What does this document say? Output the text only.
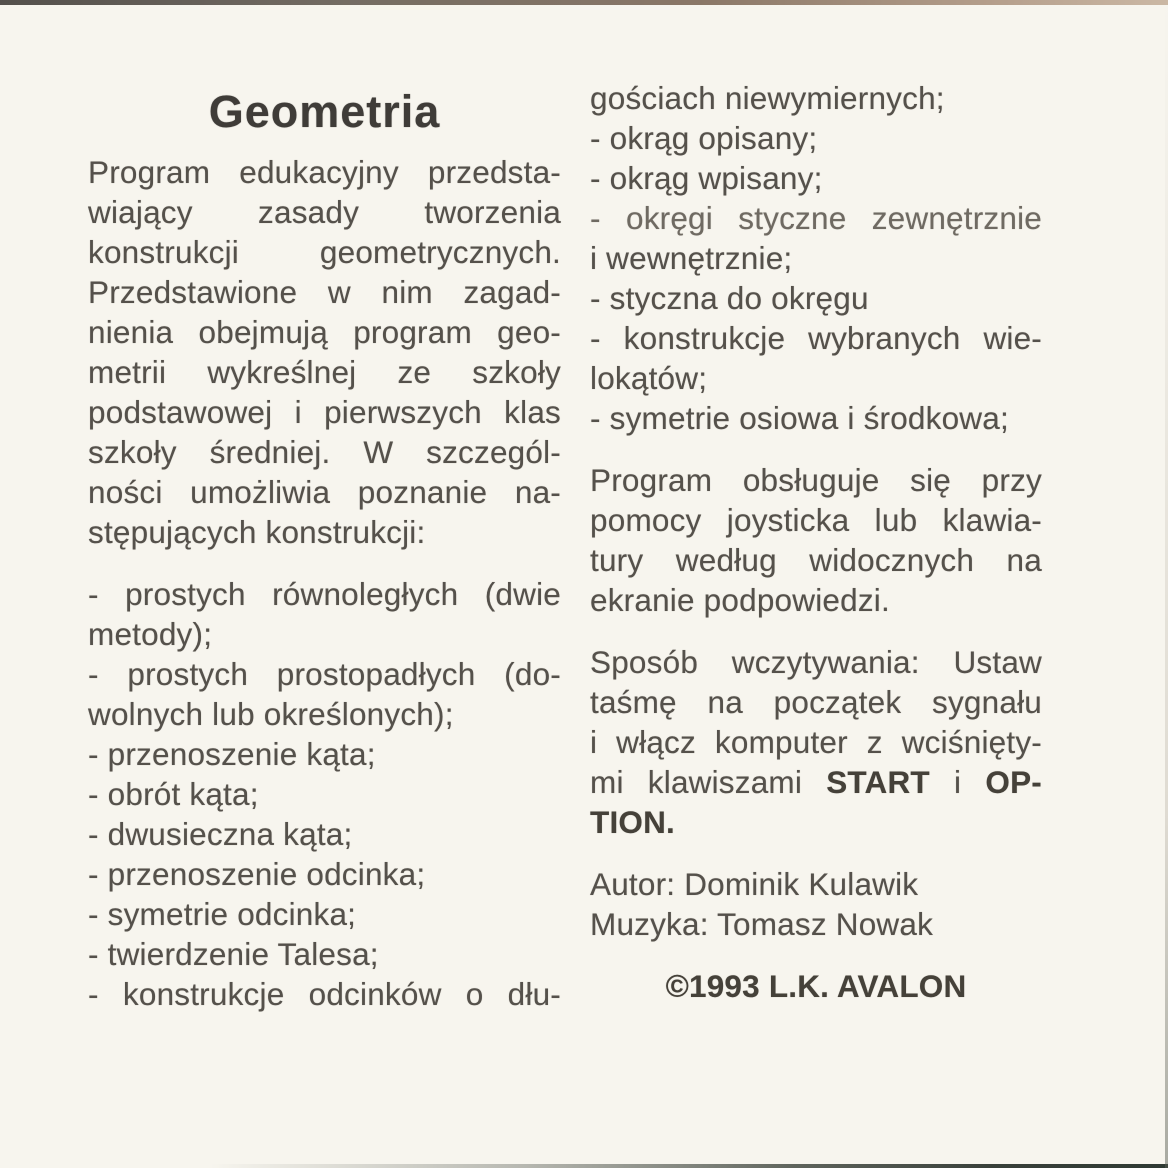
Geometria
Program edukacyjny przedsta-
wiający zasady tworzenia
konstrukcji geometrycznych.
Przedstawione w nim zagad-
nienia obejmują program geo-
metrii wykreślnej ze szkoły
podstawowej i pierwszych klas
szkoły średniej. W szczegól-
ności umożliwia poznanie na-
stępujących konstrukcji:
- prostych równoległych (dwie
metody);
- prostych prostopadłych (do-
wolnych lub określonych);
- przenoszenie kąta;
- obrót kąta;
- dwusieczna kąta;
- przenoszenie odcinka;
- symetrie odcinka;
- twierdzenie Talesa;
- konstrukcje odcinków o dłu-
gościach niewymiernych;
- okrąg opisany;
- okrąg wpisany;
- okręgi styczne zewnętrznie
i wewnętrznie;
- styczna do okręgu
- konstrukcje wybranych wie-
lokątów;
- symetrie osiowa i środkowa;
Program obsługuje się przy
pomocy joysticka lub klawia-
tury według widocznych na
ekranie podpowiedzi.
Sposób wczytywania: Ustaw
taśmę na początek sygnału
i włącz komputer z wciśnięty-
mi klawiszami START i OP-
TION.
Autor: Dominik Kulawik
Muzyka: Tomasz Nowak
©1993 L.K. AVALON
